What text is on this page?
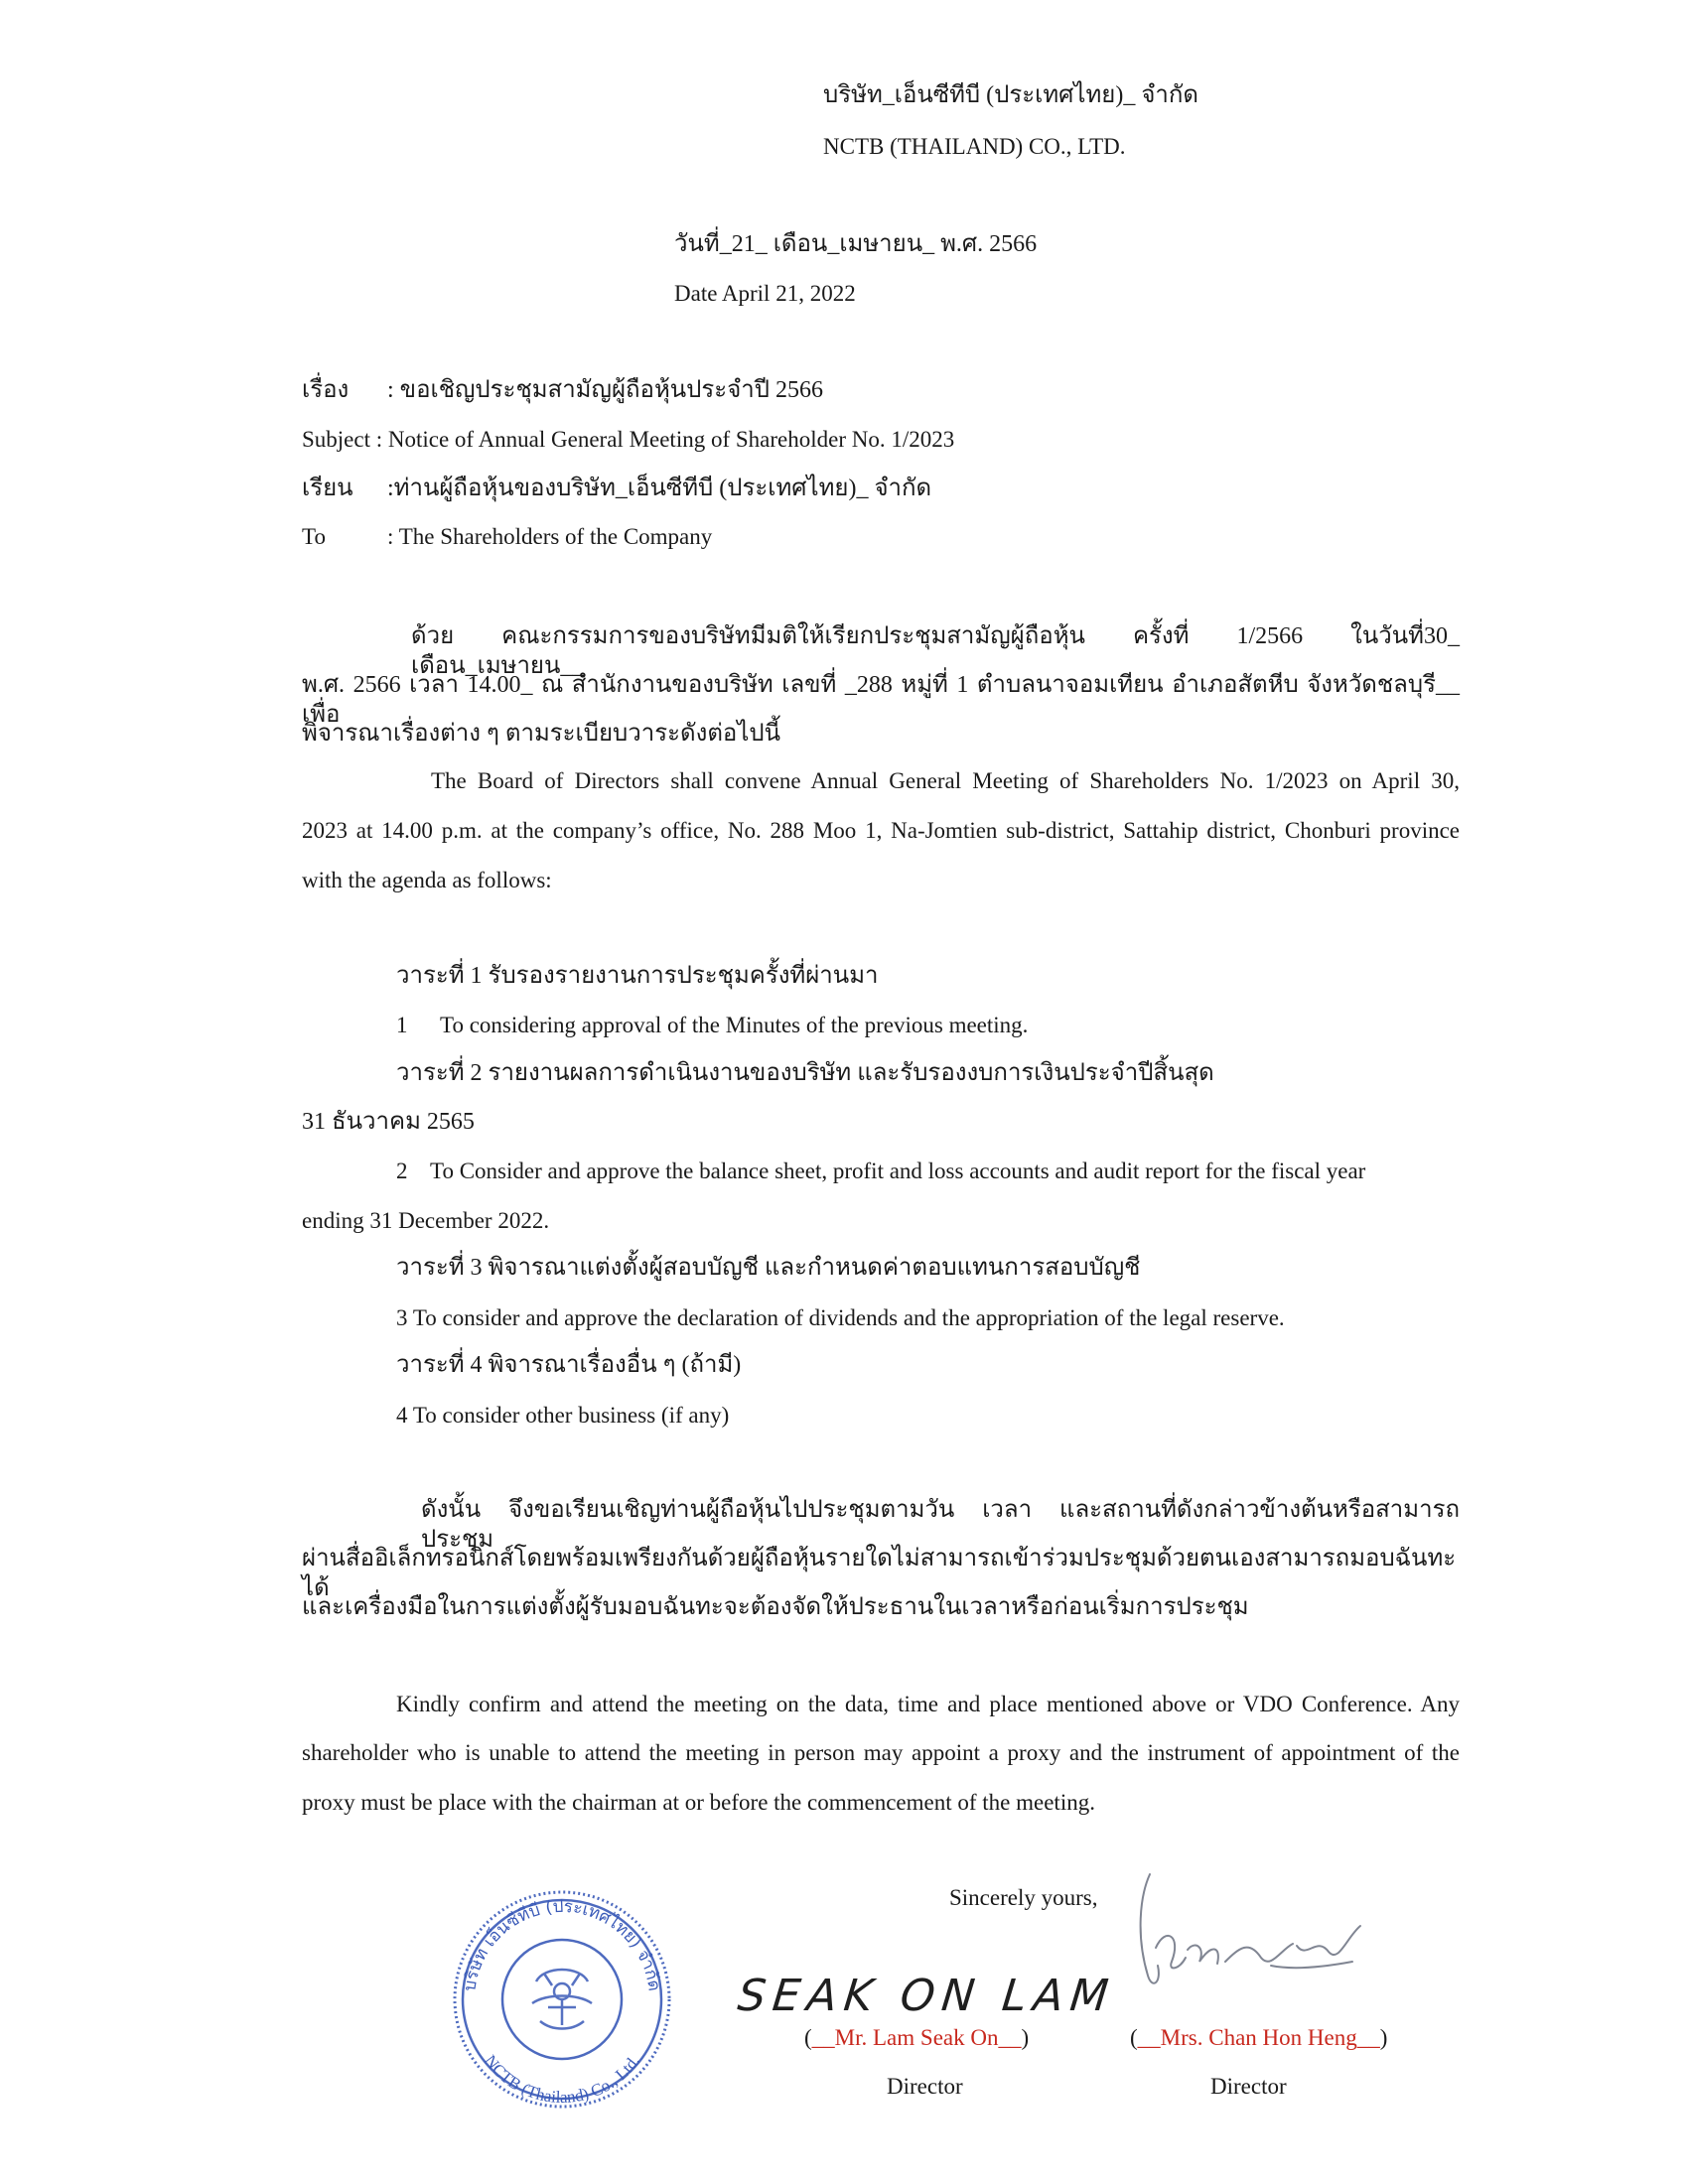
บริษัท_เอ็นซีทีบี (ประเทศไทย)_ จำกัด
NCTB (THAILAND) CO., LTD.
วันที่_21_ เดือน_เมษายน_ พ.ศ. 2566
Date April 21, 2022
เรื่อง : ขอเชิญประชุมสามัญผู้ถือหุ้นประจำปี 2566
Subject : Notice of Annual General Meeting of Shareholder No. 1/2023
เรียน :ท่านผู้ถือหุ้นของบริษัท_เอ็นซีทีบี (ประเทศไทย)_ จำกัด
To	: The Shareholders of the Company
ด้วย คณะกรรมการของบริษัทมีมติให้เรียกประชุมสามัญผู้ถือหุ้น ครั้งที่ 1/2566 ในวันที่30_ เดือน_เมษายน__
พ.ศ. 2566 เวลา 14.00_ ณ สำนักงานของบริษัท เลขที่ _288 หมู่ที่ 1 ตำบลนาจอมเทียน อำเภอสัตหีบ จังหวัดชลบุรี__ เพื่อ
พิจารณาเรื่องต่าง ๆ ตามระเบียบวาระดังต่อไปนี้
The Board of Directors shall convene Annual General Meeting of Shareholders No. 1/2023 on April 30,
2023 at 14.00 p.m. at the company’s office, No. 288 Moo 1, Na-Jomtien sub-district, Sattahip district, Chonburi province
with the agenda as follows:
วาระที่ 1 รับรองรายงานการประชุมครั้งที่ผ่านมา
1 To considering approval of the Minutes of the previous meeting.
วาระที่ 2 รายงานผลการดำเนินงานของบริษัท และรับรองงบการเงินประจำปีสิ้นสุด
31 ธันวาคม 2565
2 To Consider and approve the balance sheet, profit and loss accounts and audit report for the fiscal year
ending 31 December 2022.
วาระที่ 3 พิจารณาแต่งตั้งผู้สอบบัญชี และกำหนดค่าตอบแทนการสอบบัญชี
3 To consider and approve the declaration of dividends and the appropriation of the legal reserve.
วาระที่ 4 พิจารณาเรื่องอื่น ๆ (ถ้ามี)
4 To consider other business (if any)
ดังนั้น จึงขอเรียนเชิญท่านผู้ถือหุ้นไปประชุมตามวัน เวลา และสถานที่ดังกล่าวข้างต้นหรือสามารถประชุม
ผ่านสื่ออิเล็กทรอนิกส์โดยพร้อมเพรียงกันด้วยผู้ถือหุ้นรายใดไม่สามารถเข้าร่วมประชุมด้วยตนเองสามารถมอบฉันทะได้
และเครื่องมือในการแต่งตั้งผู้รับมอบฉันทะจะต้องจัดให้ประธานในเวลาหรือก่อนเริ่มการประชุม
Kindly confirm and attend the meeting on the data, time and place mentioned above or VDO Conference. Any
shareholder who is unable to attend the meeting in person may appoint a proxy and the instrument of appointment of the
proxy must be place with the chairman at or before the commencement of the meeting.
Sincerely yours,
บริษัท เอ็นซีทีบี (ประเทศไทย) จำกัด
NCTB (Thailand) Co., Ltd.
SEAK ON LAM
(__Mr. Lam Seak On__)
Director
(__Mrs. Chan Hon Heng__)
Director
